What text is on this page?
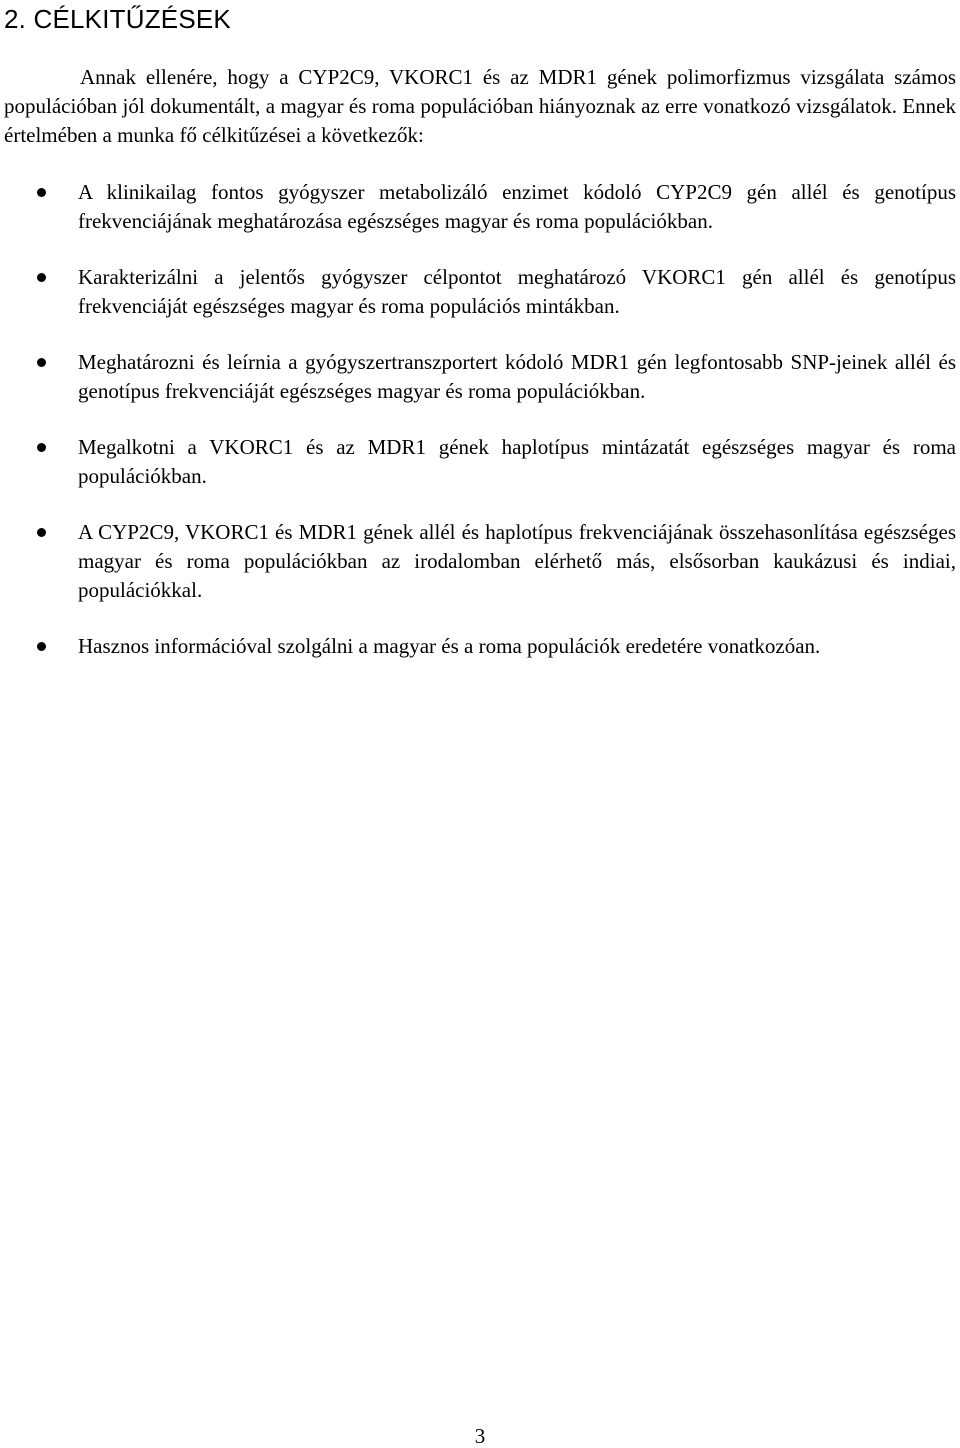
2. CÉLKITŰZÉSEK

Annak ellenére, hogy a CYP2C9, VKORC1 és az MDR1 gének polimorfizmus vizsgálata számos populációban jól dokumentált, a magyar és roma populációban hiányoznak az erre vonatkozó vizsgálatok. Ennek értelmében a munka fő célkitűzései a következők:

A klinikailag fontos gyógyszer metabolizáló enzimet kódoló CYP2C9 gén allél és genotípus frekvenciájának meghatározása egészséges magyar és roma populációkban.
Karakterizálni a jelentős gyógyszer célpontot meghatározó VKORC1 gén allél és genotípus frekvenciáját egészséges magyar és roma populációs mintákban.
Meghatározni és leírnia a gyógyszertranszportert kódoló MDR1 gén legfontosabb SNP-jeinek allél és genotípus frekvenciáját egészséges magyar és roma populációkban.
Megalkotni a VKORC1 és az MDR1 gének haplotípus mintázatát egészséges magyar és roma populációkban.
A CYP2C9, VKORC1 és MDR1 gének allél és haplotípus frekvenciájának összehasonlítása egészséges magyar és roma populációkban az irodalomban elérhető más, elsősorban kaukázusi és indiai, populációkkal.
Hasznos információval szolgálni a magyar és a roma populációk eredetére vonatkozóan.
3
